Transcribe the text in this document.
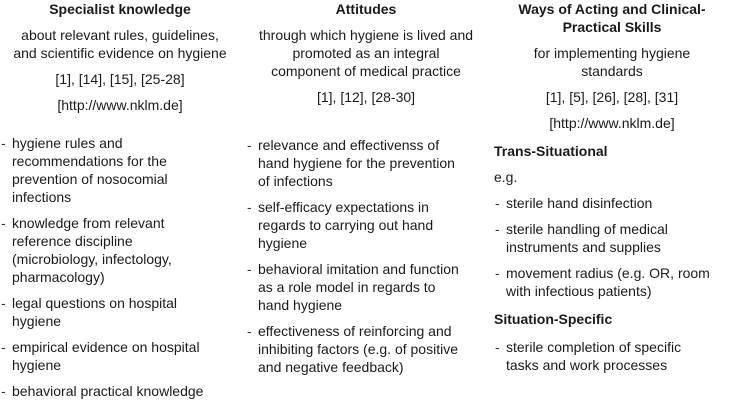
Specialist knowledge

about relevant rules, guidelines,
and scientific evidence on hygiene

[1], [14], [15], [25-28]

[http://www.nklm.de]

- hygiene rules and
recommendations for the
prevention of nosocomial
infections
- knowledge from relevant
reference discipline
(microbiology, infectology,
pharmacology)
- legal questions on hospital
hygiene
- empirical evidence on hospital
hygiene
- behavioral practical knowledge

Attitudes

through which hygiene is lived and
promoted as an integral
component of medical practice

[1], [12], [28-30]

- relevance and effectivenss of
hand hygiene for the prevention
of infections
- self-efficacy expectations in
regards to carrying out hand
hygiene
- behavioral imitation and function
as a role model in regards to
hand hygiene
- effectiveness of reinforcing and
inhibiting factors (e.g. of positive
and negative feedback)

Ways of Acting and Clinical-
Practical Skills

for implementing hygiene
standards

[1], [5], [26], [28], [31]

[http://www.nklm.de]

Trans-Situational

e.g.

- sterile hand disinfection
- sterile handling of medical
instruments and supplies
- movement radius (e.g. OR, room
with infectious patients)

Situation-Specific

- sterile completion of specific
tasks and work processes
